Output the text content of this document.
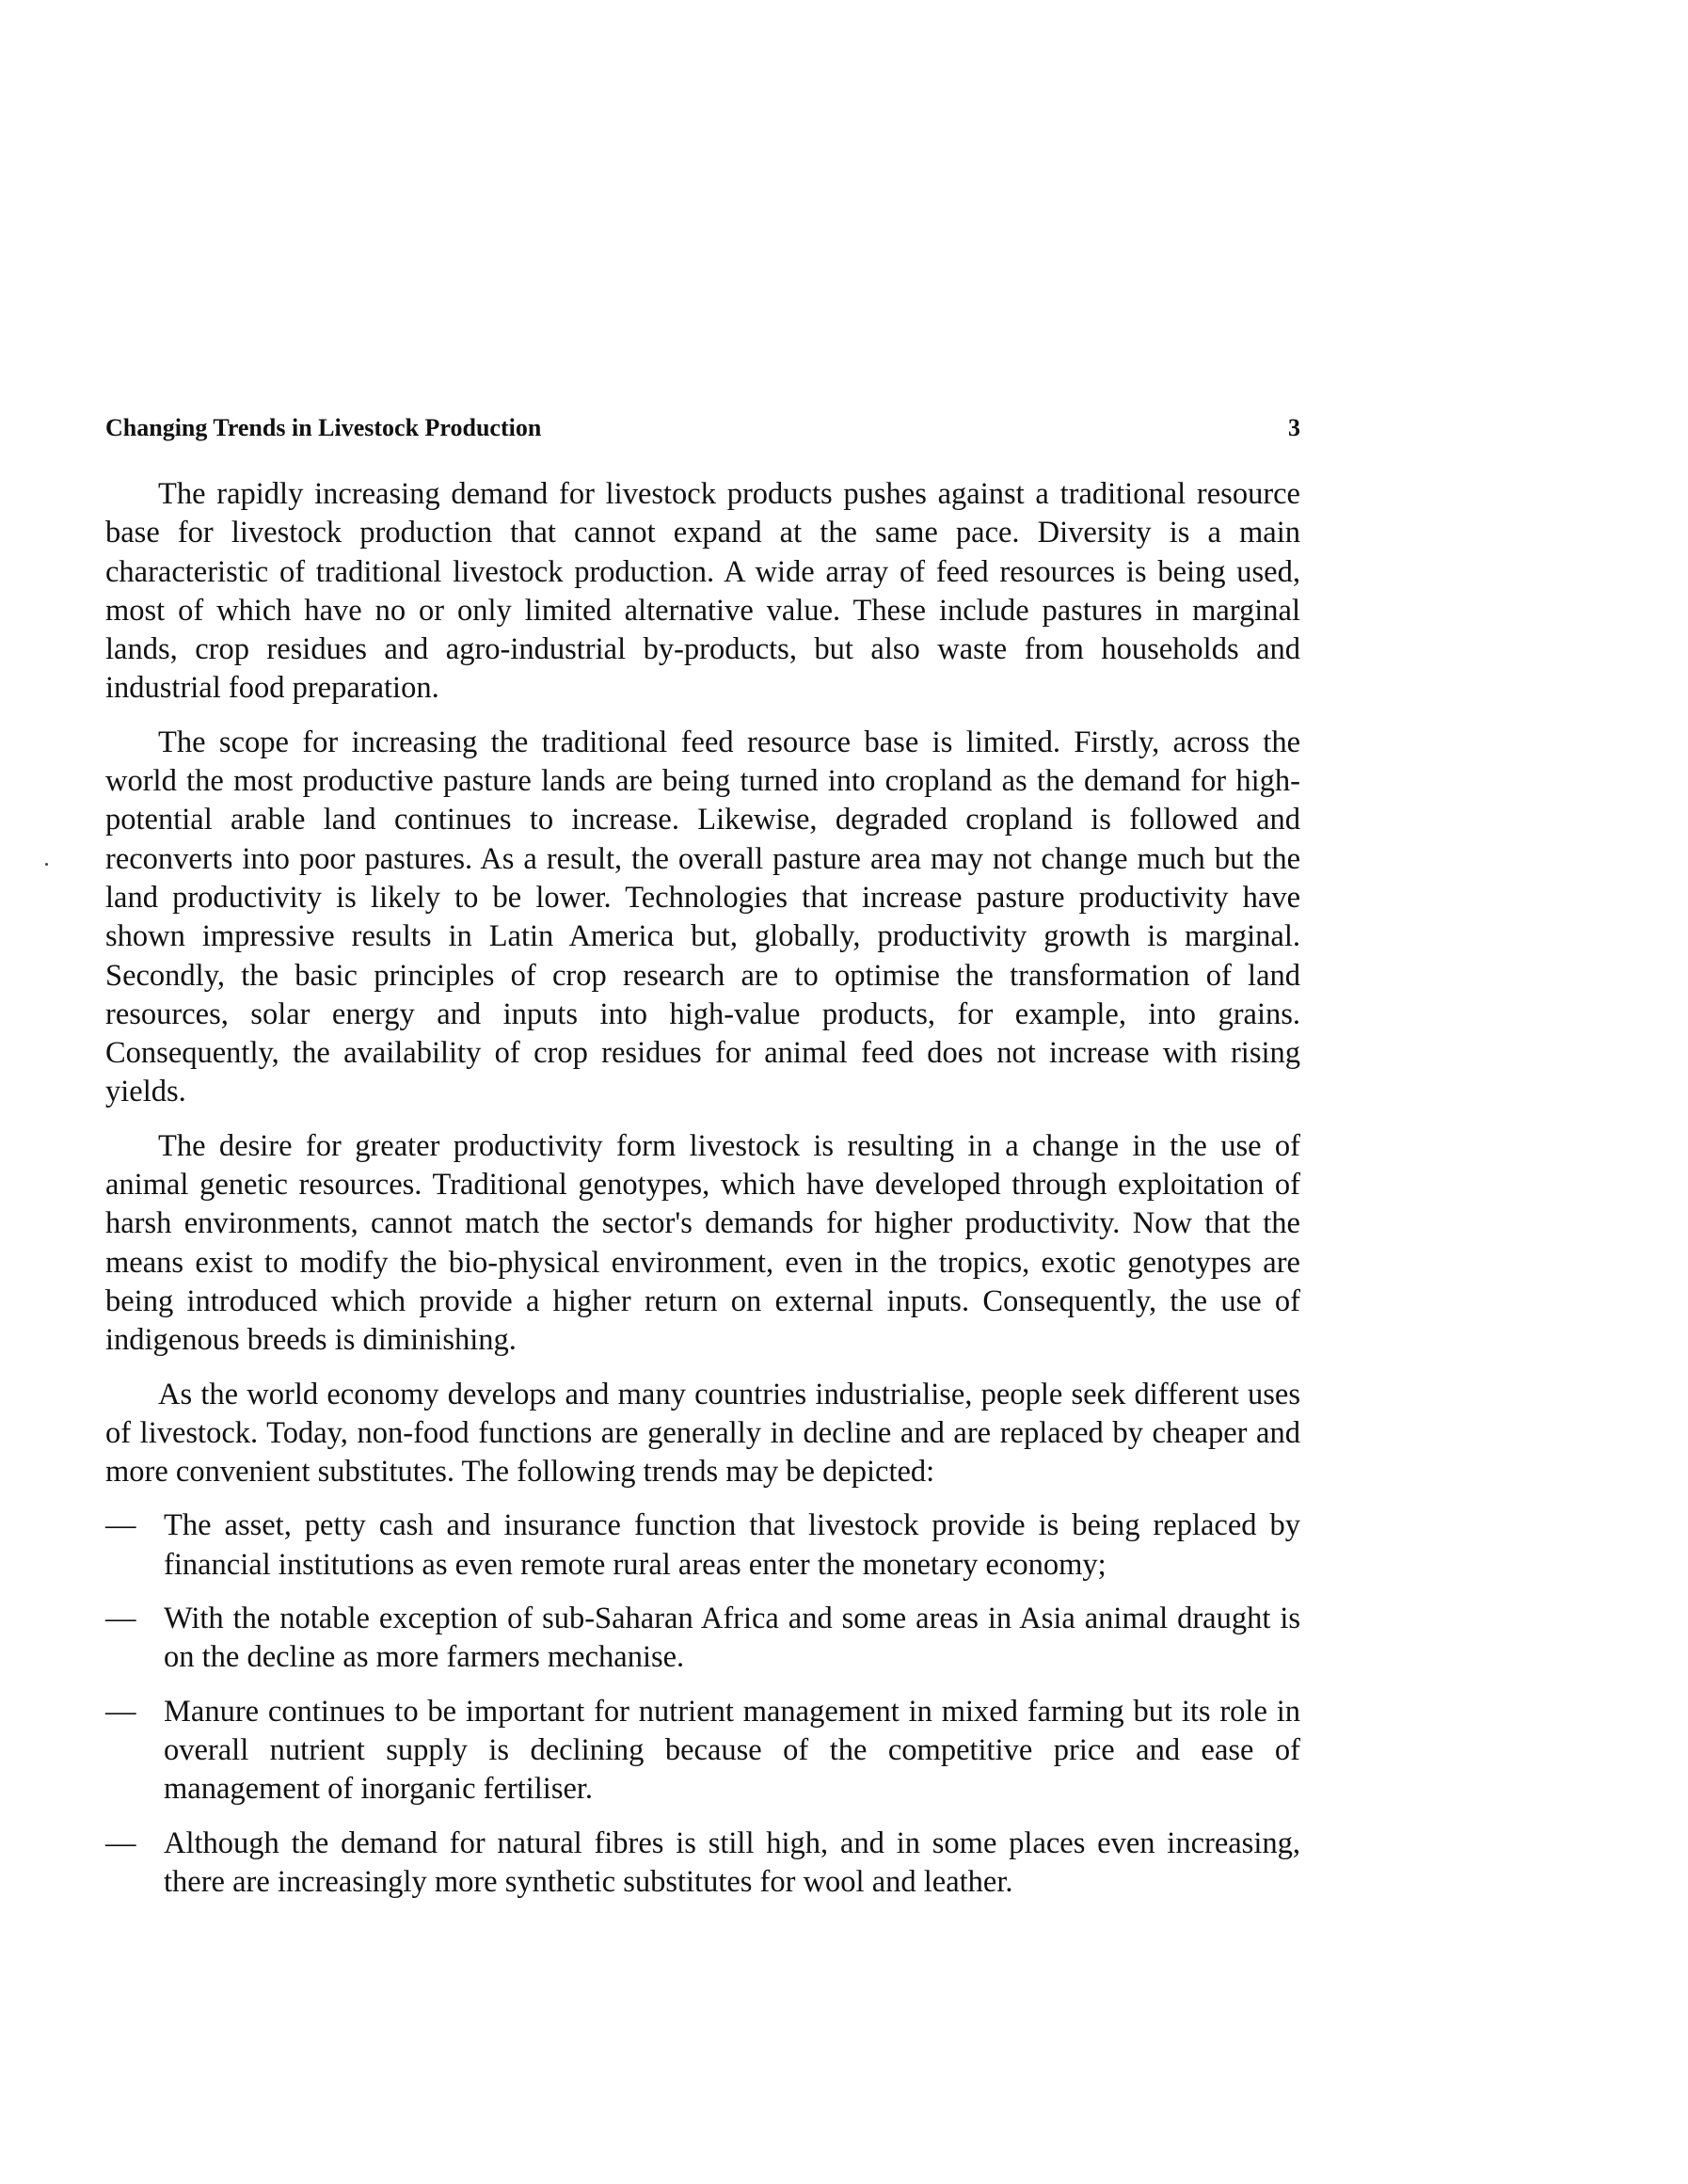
Changing Trends in Livestock Production	3

The rapidly increasing demand for livestock products pushes against a traditional resource base for livestock production that cannot expand at the same pace. Diversity is a main characteristic of traditional livestock production. A wide array of feed resources is being used, most of which have no or only limited alternative value. These include pastures in marginal lands, crop residues and agro-industrial by-products, but also waste from households and industrial food preparation.

The scope for increasing the traditional feed resource base is limited. Firstly, across the world the most productive pasture lands are being turned into cropland as the demand for high-potential arable land continues to increase. Likewise, degraded cropland is followed and reconverts into poor pastures. As a result, the overall pasture area may not change much but the land productivity is likely to be lower. Technologies that increase pasture productivity have shown impressive results in Latin America but, globally, productivity growth is marginal. Secondly, the basic principles of crop research are to optimise the transformation of land resources, solar energy and inputs into high-value products, for example, into grains. Consequently, the availability of crop residues for animal feed does not increase with rising yields.

The desire for greater productivity form livestock is resulting in a change in the use of animal genetic resources. Traditional genotypes, which have developed through exploitation of harsh environments, cannot match the sector's demands for higher productivity. Now that the means exist to modify the bio-physical environment, even in the tropics, exotic genotypes are being introduced which provide a higher return on external inputs. Consequently, the use of indigenous breeds is diminishing.

As the world economy develops and many countries industrialise, people seek different uses of livestock. Today, non-food functions are generally in decline and are replaced by cheaper and more convenient substitutes. The following trends may be depicted:

— The asset, petty cash and insurance function that livestock provide is being replaced by financial institutions as even remote rural areas enter the monetary economy;
— With the notable exception of sub-Saharan Africa and some areas in Asia animal draught is on the decline as more farmers mechanise.
— Manure continues to be important for nutrient management in mixed farming but its role in overall nutrient supply is declining because of the competitive price and ease of management of inorganic fertiliser.
— Although the demand for natural fibres is still high, and in some places even increasing, there are increasingly more synthetic substitutes for wool and leather.
